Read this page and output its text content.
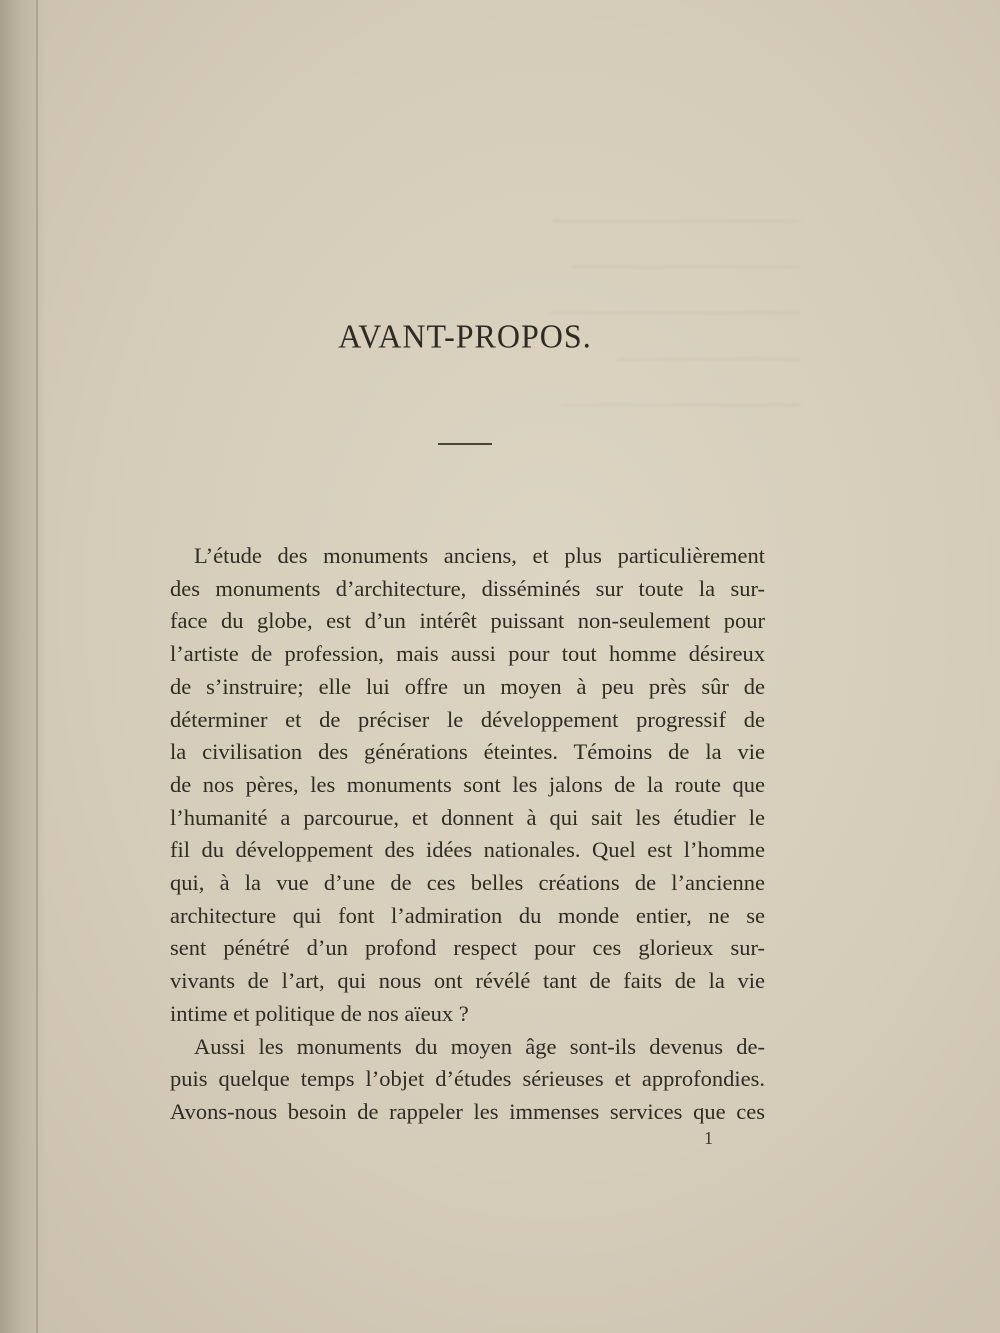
AVANT-PROPOS.
L’étude des monuments anciens, et plus particulièrement
des monuments d’architecture, disséminés sur toute la sur-
face du globe, est d’un intérêt puissant non-seulement pour
l’artiste de profession, mais aussi pour tout homme désireux
de s’instruire; elle lui offre un moyen à peu près sûr de
déterminer et de préciser le développement progressif de
la civilisation des générations éteintes. Témoins de la vie
de nos pères, les monuments sont les jalons de la route que
l’humanité a parcourue, et donnent à qui sait les étudier le
fil du développement des idées nationales. Quel est l’homme
qui, à la vue d’une de ces belles créations de l’ancienne
architecture qui font l’admiration du monde entier, ne se
sent pénétré d’un profond respect pour ces glorieux sur-
vivants de l’art, qui nous ont révélé tant de faits de la vie
intime et politique de nos aïeux ?
Aussi les monuments du moyen âge sont-ils devenus de-
puis quelque temps l’objet d’études sérieuses et approfondies.
Avons-nous besoin de rappeler les immenses services que ces
1
